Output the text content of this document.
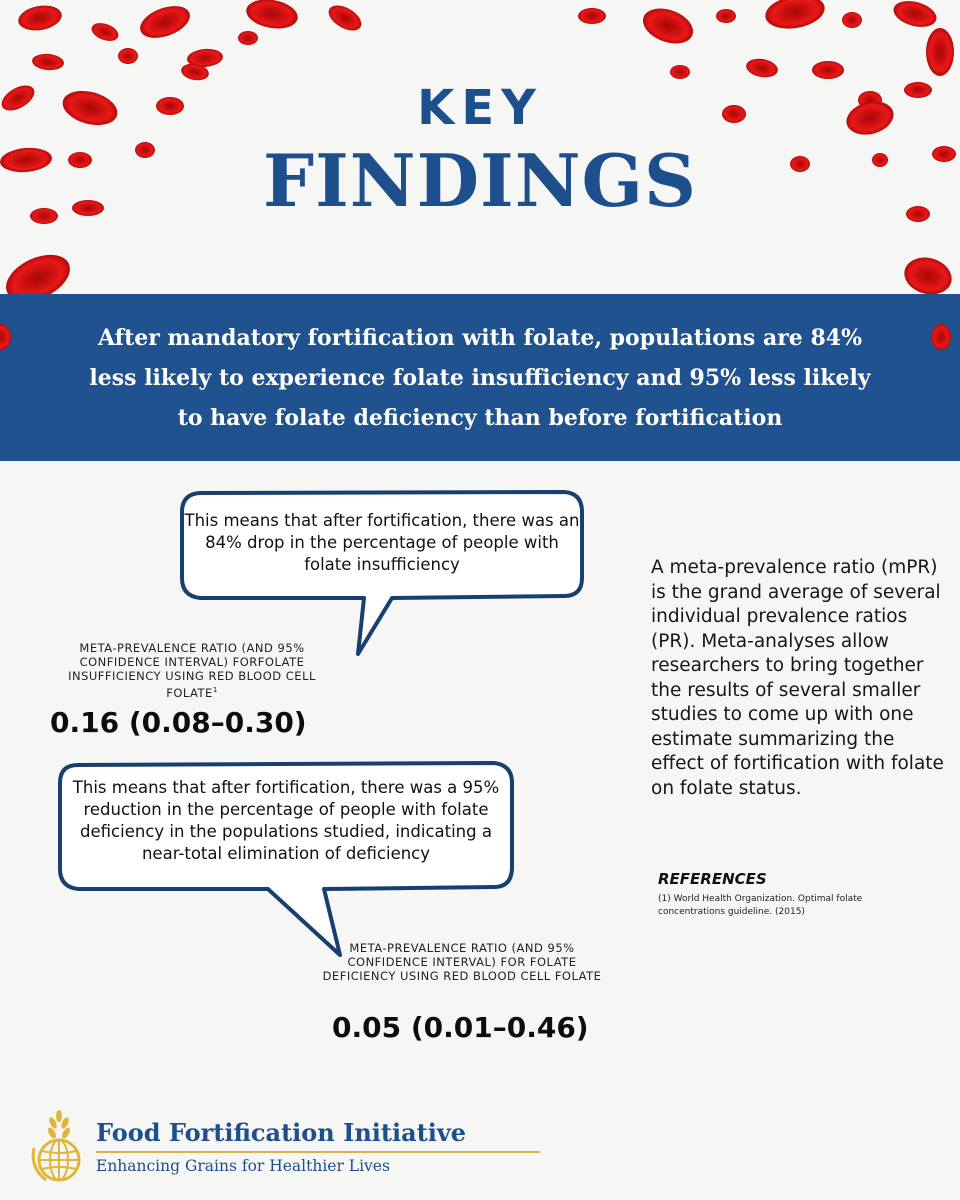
KEY
FINDINGS
After mandatory fortification with folate, populations are 84% less likely to experience folate insufficiency and 95% less likely to have folate deficiency than before fortification
This means that after fortification, there was an 84% drop in the percentage of people with folate insufficiency
META-PREVALENCE RATIO (AND 95% CONFIDENCE INTERVAL) FORFOLATE INSUFFICIENCY USING RED BLOOD CELL FOLATE$^1$
0.16 (0.08–0.30)
This means that after fortification, there was a 95% reduction in the percentage of people with folate deficiency in the populations studied, indicating a near-total elimination of deficiency
META-PREVALENCE RATIO (AND 95% CONFIDENCE INTERVAL) FOR FOLATE DEFICIENCY USING RED BLOOD CELL FOLATE
0.05 (0.01–0.46)
A meta-prevalence ratio (mPR) is the grand average of several individual prevalence ratios (PR). Meta-analyses allow researchers to bring together the results of several smaller studies to come up with one estimate summarizing the effect of fortification with folate on folate status.
REFERENCES
(1) World Health Organization. Optimal folate concentrations guideline. (2015)
Food Fortification Initiative
Enhancing Grains for Healthier Lives
